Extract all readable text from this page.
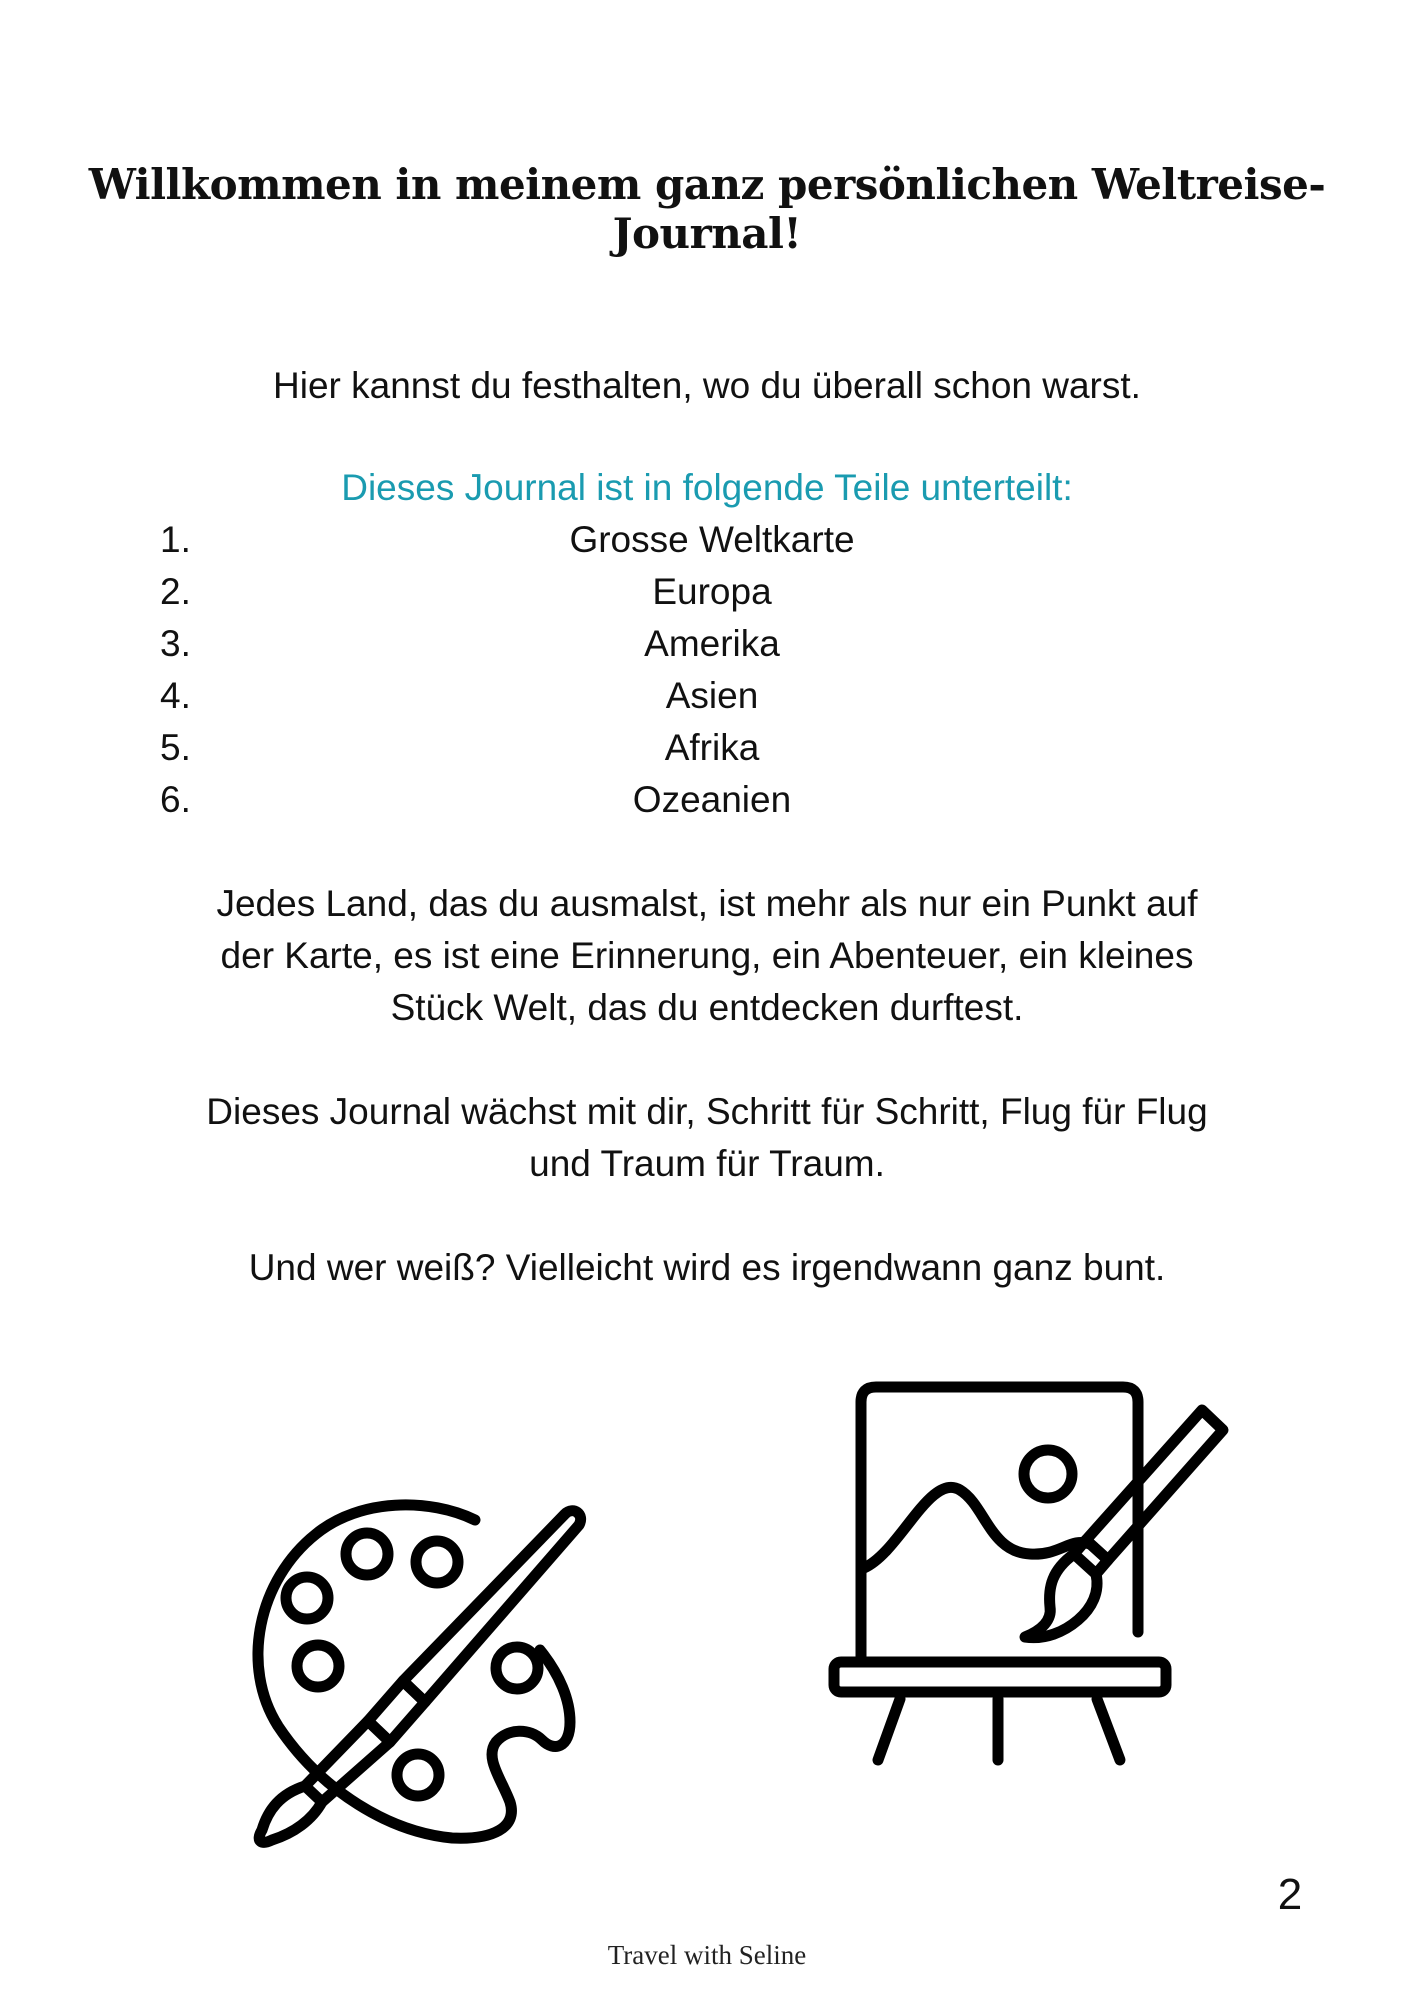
Willkommen in meinem ganz persönlichen Weltreise-Journal!

Hier kannst du festhalten, wo du überall schon warst.

Dieses Journal ist in folgende Teile unterteilt:

1.	Grosse Weltkarte
2.	Europa
3.	Amerika
4.	Asien
5.	Afrika
6.	Ozeanien
Jedes Land, das du ausmalst, ist mehr als nur ein Punkt auf
der Karte, es ist eine Erinnerung, ein Abenteuer, ein kleines
Stück Welt, das du entdecken durftest.
Dieses Journal wächst mit dir, Schritt für Schritt, Flug für Flug
und Traum für Traum.

Und wer weiß? Vielleicht wird es irgendwann ganz bunt.

2
Travel with Seline
